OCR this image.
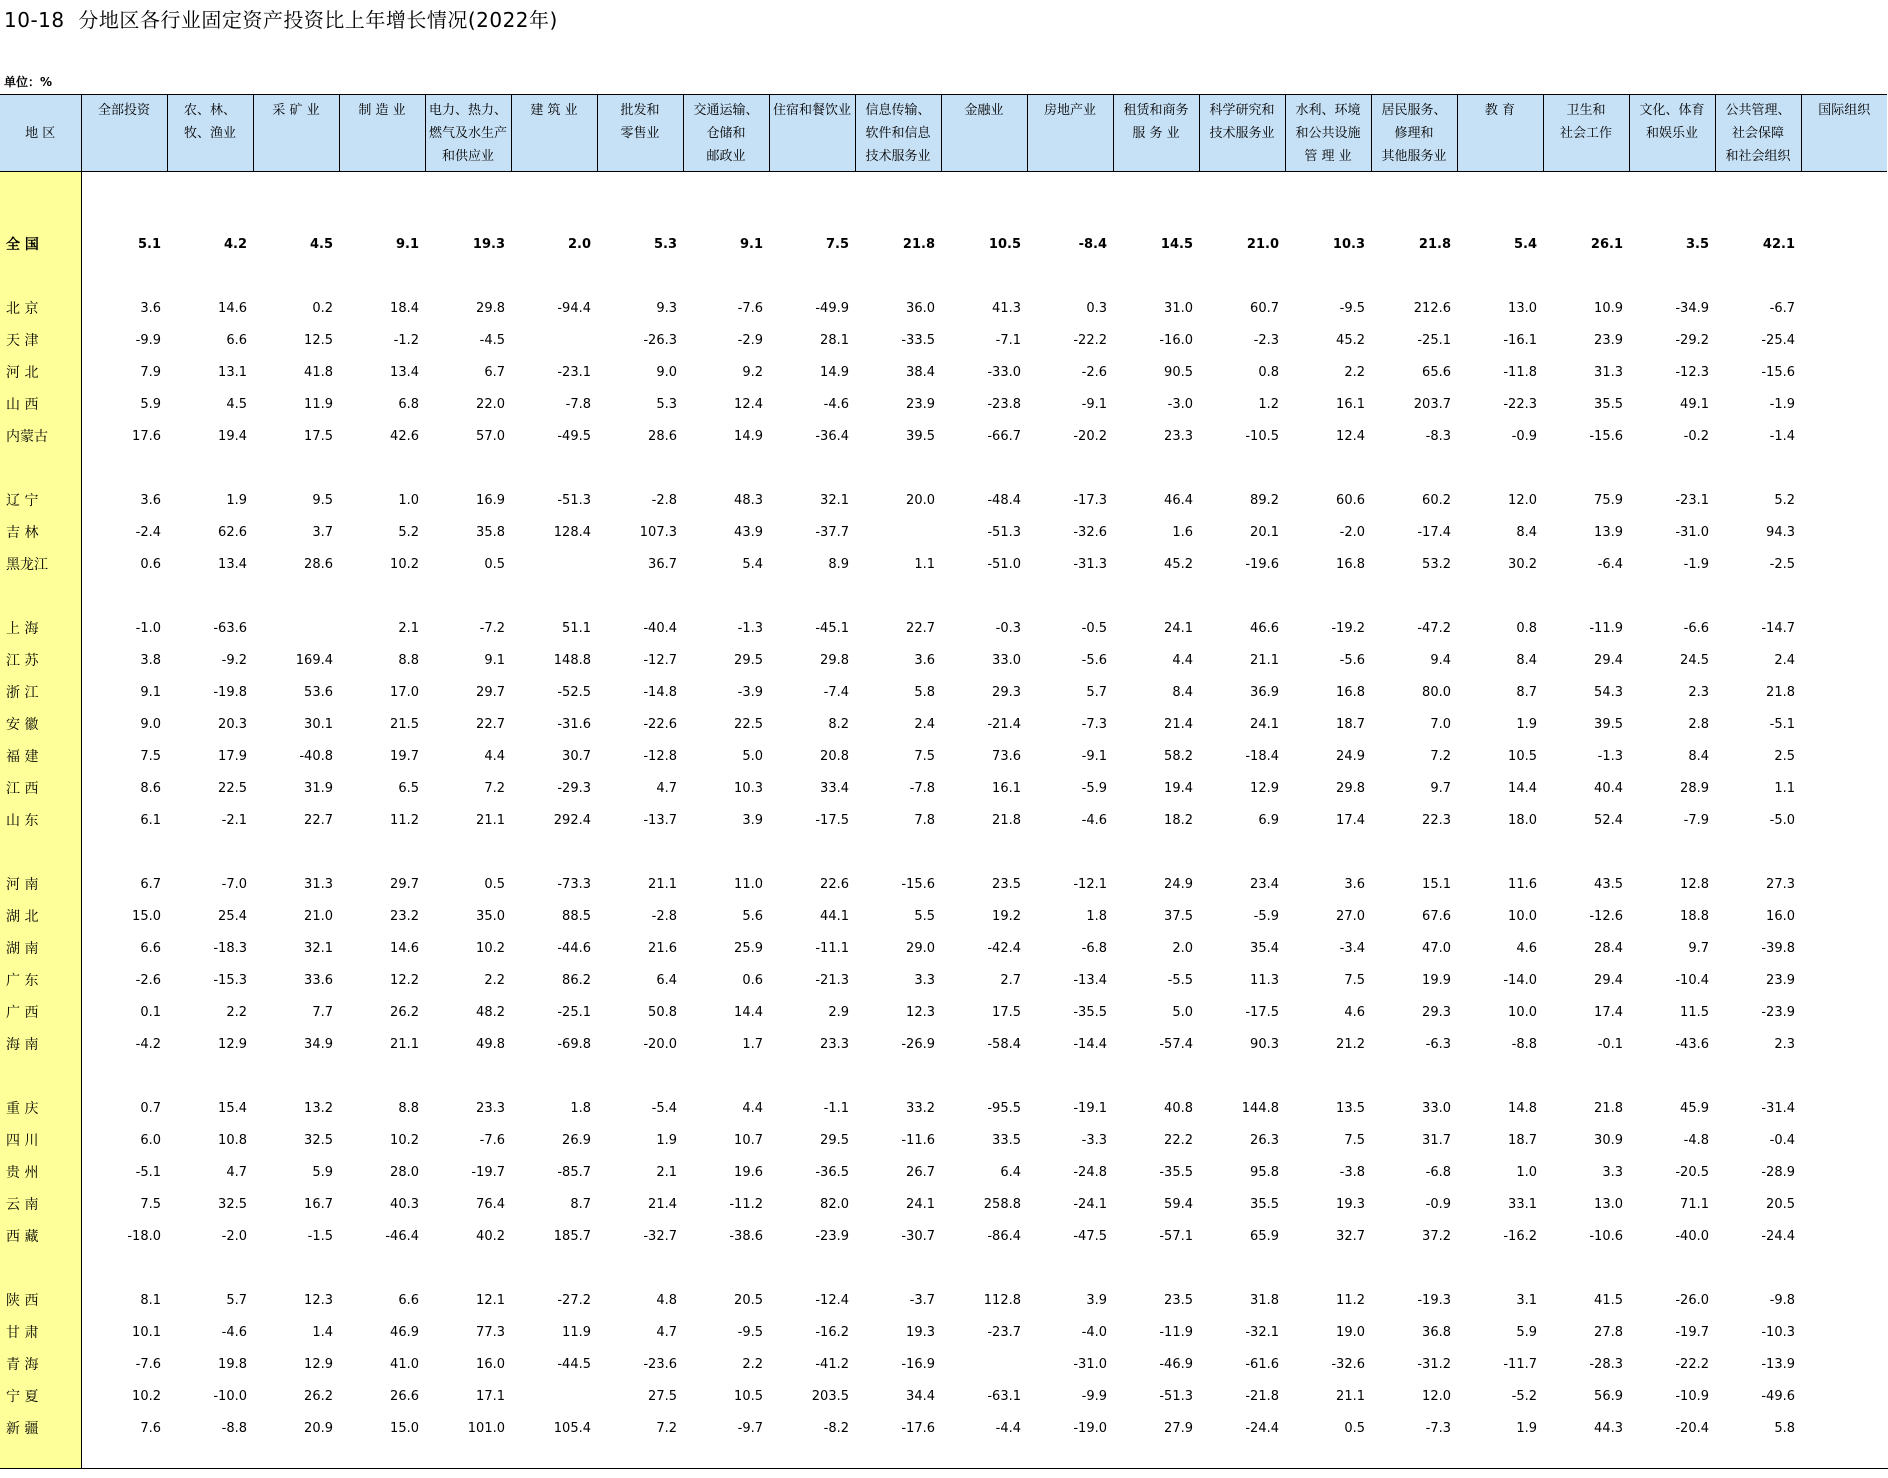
10-18  分地区各行业固定资产投资比上年增长情况(2022年)
单位：%
地 区	全部投资	农、林、
牧、渔业	采 矿 业	制 造 业	电力、热力、
燃气及水生产
和供应业	建 筑 业	批发和
零售业	交通运输、
仓储和
邮政业	住宿和餐饮业	信息传输、
软件和信息
技术服务业	金融业	房地产业	租赁和商务
服 务 业	科学研究和
技术服务业	水利、环境
和公共设施
管 理 业	居民服务、
修理和
其他服务业	教 育	卫生和
社会工作	文化、体育
和娱乐业	公共管理、
社会保障
和社会组织	国际组织

全 国	5.1	4.2	4.5	9.1	19.3	2.0	5.3	9.1	7.5	21.8	10.5	-8.4	14.5	21.0	10.3	21.8	5.4	26.1	3.5	42.1	

北 京	3.6	14.6	0.2	18.4	29.8	-94.4	9.3	-7.6	-49.9	36.0	41.3	0.3	31.0	60.7	-9.5	212.6	13.0	10.9	-34.9	-6.7	
天 津	-9.9	6.6	12.5	-1.2	-4.5		-26.3	-2.9	28.1	-33.5	-7.1	-22.2	-16.0	-2.3	45.2	-25.1	-16.1	23.9	-29.2	-25.4	
河 北	7.9	13.1	41.8	13.4	6.7	-23.1	9.0	9.2	14.9	38.4	-33.0	-2.6	90.5	0.8	2.2	65.6	-11.8	31.3	-12.3	-15.6	
山 西	5.9	4.5	11.9	6.8	22.0	-7.8	5.3	12.4	-4.6	23.9	-23.8	-9.1	-3.0	1.2	16.1	203.7	-22.3	35.5	49.1	-1.9	
内蒙古	17.6	19.4	17.5	42.6	57.0	-49.5	28.6	14.9	-36.4	39.5	-66.7	-20.2	23.3	-10.5	12.4	-8.3	-0.9	-15.6	-0.2	-1.4	

辽 宁	3.6	1.9	9.5	1.0	16.9	-51.3	-2.8	48.3	32.1	20.0	-48.4	-17.3	46.4	89.2	60.6	60.2	12.0	75.9	-23.1	5.2	
吉 林	-2.4	62.6	3.7	5.2	35.8	128.4	107.3	43.9	-37.7		-51.3	-32.6	1.6	20.1	-2.0	-17.4	8.4	13.9	-31.0	94.3	
黑龙江	0.6	13.4	28.6	10.2	0.5		36.7	5.4	8.9	1.1	-51.0	-31.3	45.2	-19.6	16.8	53.2	30.2	-6.4	-1.9	-2.5	

上 海	-1.0	-63.6		2.1	-7.2	51.1	-40.4	-1.3	-45.1	22.7	-0.3	-0.5	24.1	46.6	-19.2	-47.2	0.8	-11.9	-6.6	-14.7	
江 苏	3.8	-9.2	169.4	8.8	9.1	148.8	-12.7	29.5	29.8	3.6	33.0	-5.6	4.4	21.1	-5.6	9.4	8.4	29.4	24.5	2.4	
浙 江	9.1	-19.8	53.6	17.0	29.7	-52.5	-14.8	-3.9	-7.4	5.8	29.3	5.7	8.4	36.9	16.8	80.0	8.7	54.3	2.3	21.8	
安 徽	9.0	20.3	30.1	21.5	22.7	-31.6	-22.6	22.5	8.2	2.4	-21.4	-7.3	21.4	24.1	18.7	7.0	1.9	39.5	2.8	-5.1	
福 建	7.5	17.9	-40.8	19.7	4.4	30.7	-12.8	5.0	20.8	7.5	73.6	-9.1	58.2	-18.4	24.9	7.2	10.5	-1.3	8.4	2.5	
江 西	8.6	22.5	31.9	6.5	7.2	-29.3	4.7	10.3	33.4	-7.8	16.1	-5.9	19.4	12.9	29.8	9.7	14.4	40.4	28.9	1.1	
山 东	6.1	-2.1	22.7	11.2	21.1	292.4	-13.7	3.9	-17.5	7.8	21.8	-4.6	18.2	6.9	17.4	22.3	18.0	52.4	-7.9	-5.0	

河 南	6.7	-7.0	31.3	29.7	0.5	-73.3	21.1	11.0	22.6	-15.6	23.5	-12.1	24.9	23.4	3.6	15.1	11.6	43.5	12.8	27.3	
湖 北	15.0	25.4	21.0	23.2	35.0	88.5	-2.8	5.6	44.1	5.5	19.2	1.8	37.5	-5.9	27.0	67.6	10.0	-12.6	18.8	16.0	
湖 南	6.6	-18.3	32.1	14.6	10.2	-44.6	21.6	25.9	-11.1	29.0	-42.4	-6.8	2.0	35.4	-3.4	47.0	4.6	28.4	9.7	-39.8	
广 东	-2.6	-15.3	33.6	12.2	2.2	86.2	6.4	0.6	-21.3	3.3	2.7	-13.4	-5.5	11.3	7.5	19.9	-14.0	29.4	-10.4	23.9	
广 西	0.1	2.2	7.7	26.2	48.2	-25.1	50.8	14.4	2.9	12.3	17.5	-35.5	5.0	-17.5	4.6	29.3	10.0	17.4	11.5	-23.9	
海 南	-4.2	12.9	34.9	21.1	49.8	-69.8	-20.0	1.7	23.3	-26.9	-58.4	-14.4	-57.4	90.3	21.2	-6.3	-8.8	-0.1	-43.6	2.3	

重 庆	0.7	15.4	13.2	8.8	23.3	1.8	-5.4	4.4	-1.1	33.2	-95.5	-19.1	40.8	144.8	13.5	33.0	14.8	21.8	45.9	-31.4	
四 川	6.0	10.8	32.5	10.2	-7.6	26.9	1.9	10.7	29.5	-11.6	33.5	-3.3	22.2	26.3	7.5	31.7	18.7	30.9	-4.8	-0.4	
贵 州	-5.1	4.7	5.9	28.0	-19.7	-85.7	2.1	19.6	-36.5	26.7	6.4	-24.8	-35.5	95.8	-3.8	-6.8	1.0	3.3	-20.5	-28.9	
云 南	7.5	32.5	16.7	40.3	76.4	8.7	21.4	-11.2	82.0	24.1	258.8	-24.1	59.4	35.5	19.3	-0.9	33.1	13.0	71.1	20.5	
西 藏	-18.0	-2.0	-1.5	-46.4	40.2	185.7	-32.7	-38.6	-23.9	-30.7	-86.4	-47.5	-57.1	65.9	32.7	37.2	-16.2	-10.6	-40.0	-24.4	

陕 西	8.1	5.7	12.3	6.6	12.1	-27.2	4.8	20.5	-12.4	-3.7	112.8	3.9	23.5	31.8	11.2	-19.3	3.1	41.5	-26.0	-9.8	
甘 肃	10.1	-4.6	1.4	46.9	77.3	11.9	4.7	-9.5	-16.2	19.3	-23.7	-4.0	-11.9	-32.1	19.0	36.8	5.9	27.8	-19.7	-10.3	
青 海	-7.6	19.8	12.9	41.0	16.0	-44.5	-23.6	2.2	-41.2	-16.9		-31.0	-46.9	-61.6	-32.6	-31.2	-11.7	-28.3	-22.2	-13.9	
宁 夏	10.2	-10.0	26.2	26.6	17.1		27.5	10.5	203.5	34.4	-63.1	-9.9	-51.3	-21.8	21.1	12.0	-5.2	56.9	-10.9	-49.6	
新 疆	7.6	-8.8	20.9	15.0	101.0	105.4	7.2	-9.7	-8.2	-17.6	-4.4	-19.0	27.9	-24.4	0.5	-7.3	1.9	44.3	-20.4	5.8	
